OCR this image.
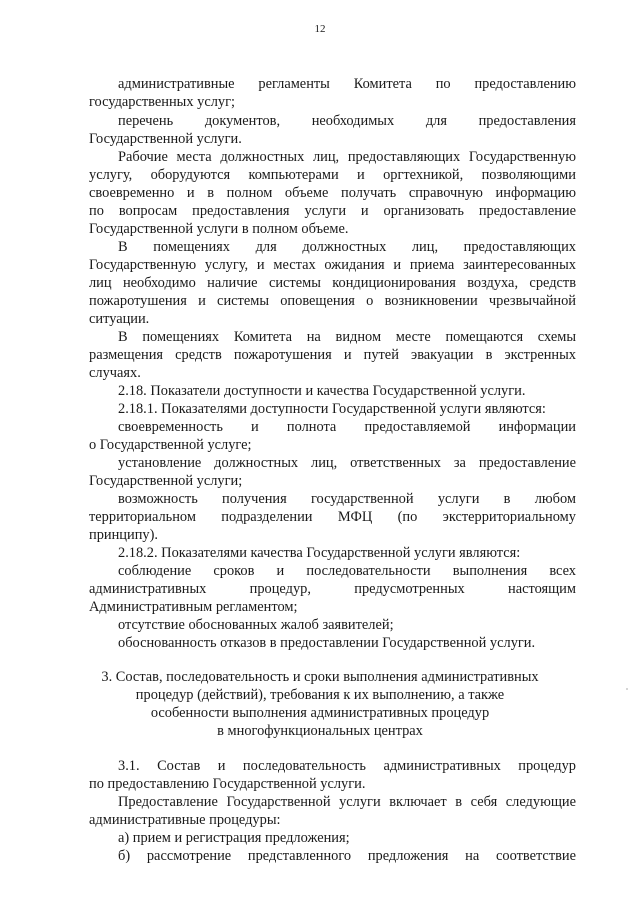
12
административные регламенты Комитета по предоставлению
государственных услуг;
перечень документов, необходимых для предоставления
Государственной услуги.
Рабочие места должностных лиц, предоставляющих Государственную
услугу, оборудуются компьютерами и оргтехникой, позволяющими
своевременно и в полном объеме получать справочную информацию
по вопросам предоставления услуги и организовать предоставление
Государственной услуги в полном объеме.
В помещениях для должностных лиц, предоставляющих
Государственную услугу, и местах ожидания и приема заинтересованных
лиц необходимо наличие системы кондиционирования воздуха, средств
пожаротушения и системы оповещения о возникновении чрезвычайной
ситуации.
В помещениях Комитета на видном месте помещаются схемы
размещения средств пожаротушения и путей эвакуации в экстренных
случаях.
2.18. Показатели доступности и качества Государственной услуги.
2.18.1. Показателями доступности Государственной услуги являются:
своевременность и полнота предоставляемой информации
о Государственной услуге;
установление должностных лиц, ответственных за предоставление
Государственной услуги;
возможность получения государственной услуги в любом
территориальном подразделении МФЦ (по экстерриториальному
принципу).
2.18.2. Показателями качества Государственной услуги являются:
соблюдение сроков и последовательности выполнения всех
административных процедур, предусмотренных настоящим
Административным регламентом;
отсутствие обоснованных жалоб заявителей;
обоснованность отказов в предоставлении Государственной услуги.
3. Состав, последовательность и сроки выполнения административных
процедур (действий), требования к их выполнению, а также
особенности выполнения административных процедур
в многофункциональных центрах
3.1. Состав и последовательность административных процедур
по предоставлению Государственной услуги.
Предоставление Государственной услуги включает в себя следующие
административные процедуры:
а) прием и регистрация предложения;
б) рассмотрение представленного предложения на соответствие
